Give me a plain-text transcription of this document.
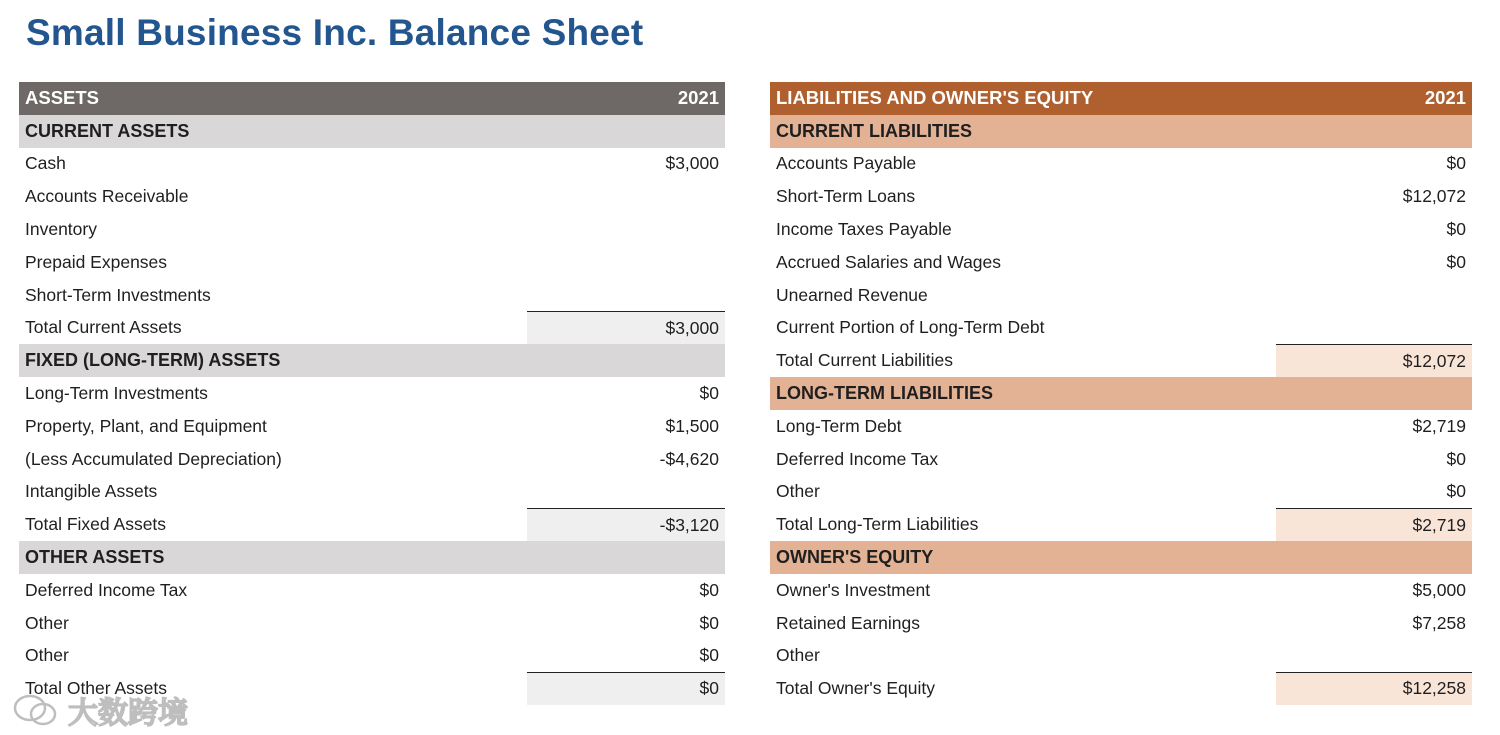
Small Business Inc. Balance Sheet
ASSETS	2021
CURRENT ASSETS	
Cash	$3,000
Accounts Receivable	
Inventory	
Prepaid Expenses	
Short-Term Investments	
Total Current Assets	$3,000
FIXED (LONG-TERM) ASSETS	
Long-Term Investments	$0
Property, Plant, and Equipment	$1,500
(Less Accumulated Depreciation)	-$4,620
Intangible Assets	
Total Fixed Assets	-$3,120
OTHER ASSETS	
Deferred Income Tax	$0
Other	$0
Other	$0
Total Other Assets	$0
LIABILITIES AND OWNER'S EQUITY	2021
CURRENT LIABILITIES	
Accounts Payable	$0
Short-Term Loans	$12,072
Income Taxes Payable	$0
Accrued Salaries and Wages	$0
Unearned Revenue	
Current Portion of Long-Term Debt	
Total Current Liabilities	$12,072
LONG-TERM LIABILITIES	
Long-Term Debt	$2,719
Deferred Income Tax	$0
Other	$0
Total Long-Term Liabilities	$2,719
OWNER'S EQUITY	
Owner's Investment	$5,000
Retained Earnings	$7,258
Other	
Total Owner's Equity	$12,258
大数跨境
